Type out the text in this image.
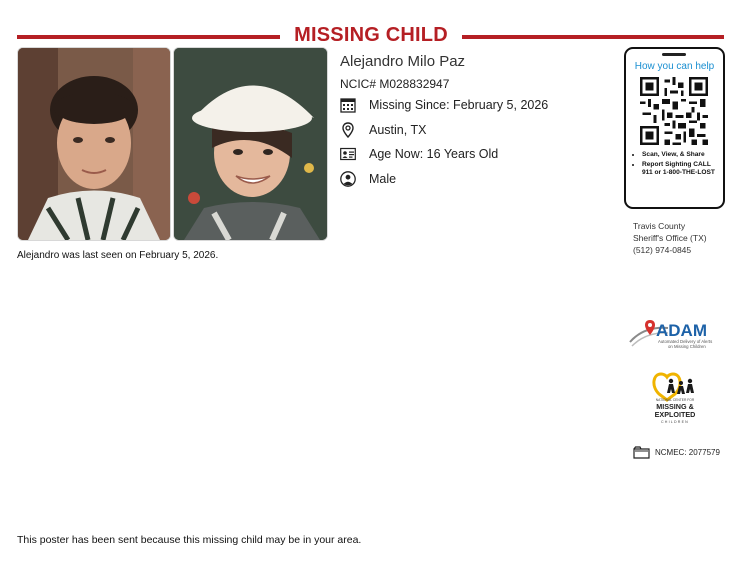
MISSING CHILD
Alejandro Milo Paz
NCIC# M028832947
Missing Since: February 5, 2026
Austin, TX
Age Now: 16 Years Old
Male
Alejandro was last seen on February 5, 2026.
How you can help
• Scan, View, & Share
• Report Sighting CALL 911 or 1-800-THE-LOST
Travis County
Sheriff's Office (TX)
(512) 974-0845
ADAM
Automated Delivery of Alerts
on Missing Children
NATIONAL CENTER FOR
MISSING &
EXPLOITED
CHILDREN
NCMEC: 2077579
This poster has been sent because this missing child may be in your area.
